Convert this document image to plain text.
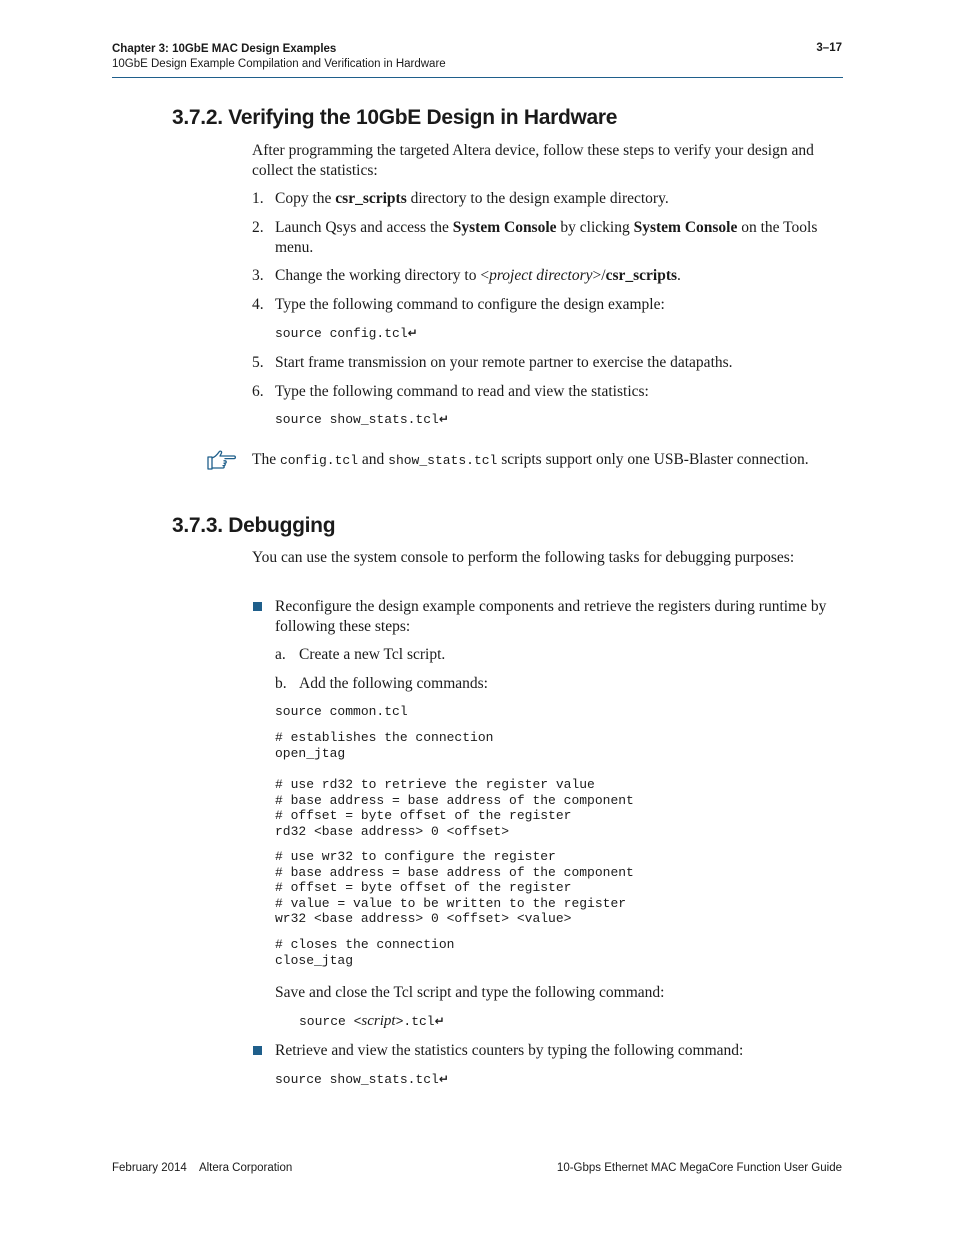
Chapter 3: 10GbE MAC Design Examples
10GbE Design Example Compilation and Verification in Hardware
3–17
3.7.2. Verifying the 10GbE Design in Hardware

After programming the targeted Altera device, follow these steps to verify your design and collect the statistics:

1. Copy the csr_scripts directory to the design example directory.
2. Launch Qsys and access the System Console by clicking System Console on the Tools menu.
3. Change the working directory to <project directory>/csr_scripts.
4. Type the following command to configure the design example:
source config.tcl↵
5. Start frame transmission on your remote partner to exercise the datapaths.
6. Type the following command to read and view the statistics:
source show_stats.tcl↵
The config.tcl and show_stats.tcl scripts support only one USB-Blaster connection.
3.7.3. Debugging

You can use the system console to perform the following tasks for debugging purposes:

Reconfigure the design example components and retrieve the registers during runtime by following these steps:
a. Create a new Tcl script.
b. Add the following commands:
source common.tcl
# establishes the connection
open_jtag
# use rd32 to retrieve the register value
# base address = base address of the component
# offset = byte offset of the register
rd32 <base address> 0 <offset>
# use wr32 to configure the register
# base address = base address of the component
# offset = byte offset of the register
# value = value to be written to the register
wr32 <base address> 0 <offset> <value>
# closes the connection
close_jtag
Save and close the Tcl script and type the following command:
source <script>.tcl↵
Retrieve and view the statistics counters by typing the following command:
source show_stats.tcl↵
February 2014    Altera Corporation	10-Gbps Ethernet MAC MegaCore Function User Guide
